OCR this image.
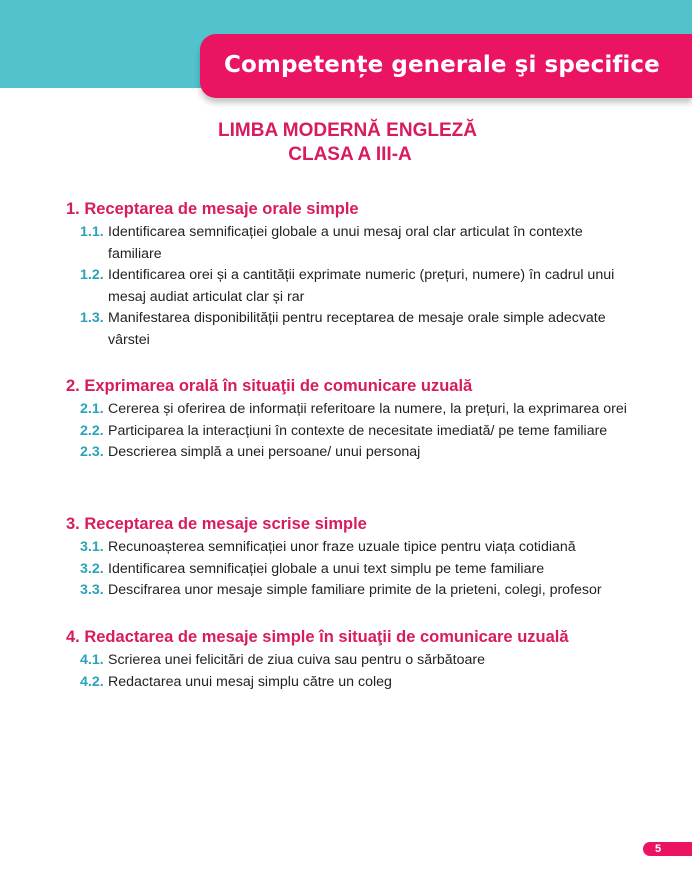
Competențe generale şi specifice
LIMBA MODERNĂ ENGLEZĂ
CLASA A III-A
1. Receptarea de mesaje orale simple
1.1. Identificarea semnificației globale a unui mesaj oral clar articulat în contexte familiare
1.2. Identificarea orei și a cantității exprimate numeric (prețuri, numere) în cadrul unui mesaj audiat articulat clar și rar
1.3. Manifestarea disponibilității pentru receptarea de mesaje orale simple adecvate vârstei
2. Exprimarea orală în situaţii de comunicare uzuală
2.1. Cererea și oferirea de informații referitoare la numere, la prețuri, la exprimarea orei
2.2. Participarea la interacțiuni în contexte de necesitate imediată/ pe teme familiare
2.3. Descrierea simplă a unei persoane/ unui personaj
3. Receptarea de mesaje scrise simple
3.1. Recunoașterea semnificației unor fraze uzuale tipice pentru viața cotidiană
3.2. Identificarea semnificației globale a unui text simplu pe teme familiare
3.3. Descifrarea unor mesaje simple familiare primite de la prieteni, colegi, profesor
4. Redactarea de mesaje simple în situaţii de comunicare uzuală
4.1. Scrierea unei felicitări de ziua cuiva sau pentru o sărbătoare
4.2. Redactarea unui mesaj simplu către un coleg
5
